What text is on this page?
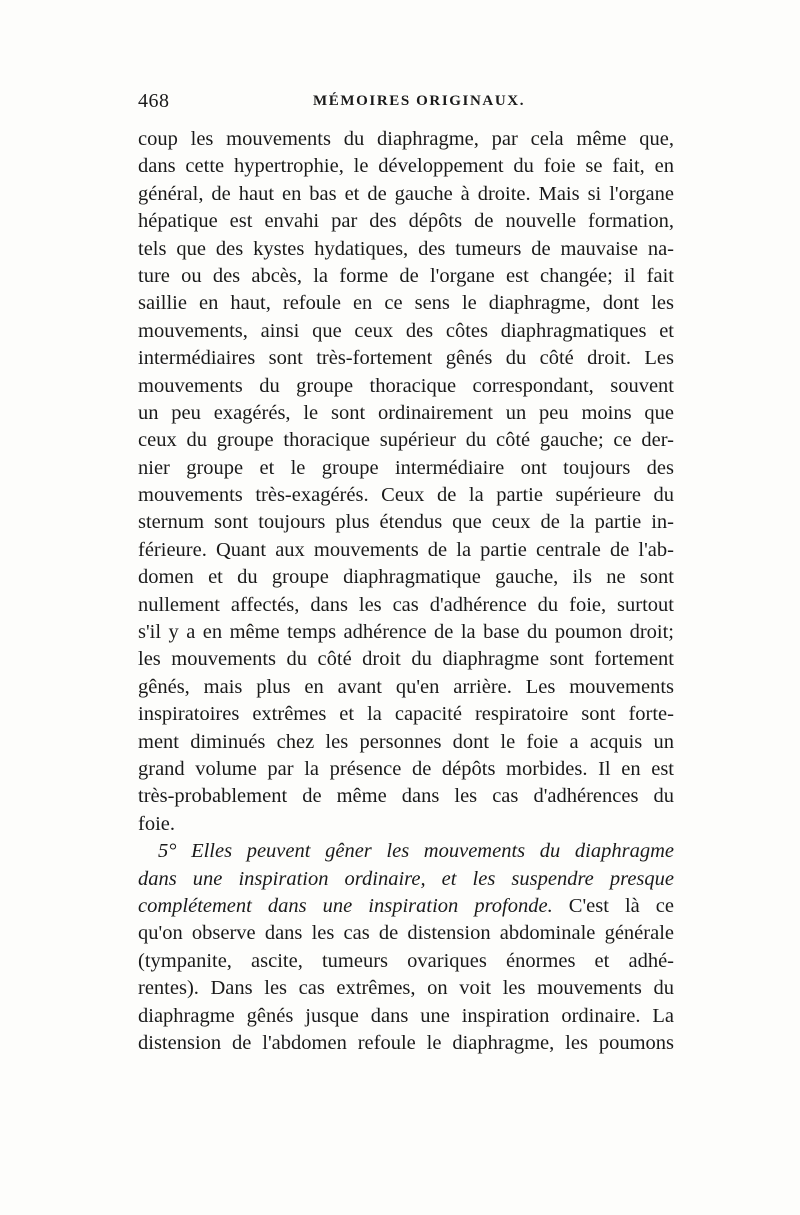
468	MÉMOIRES ORIGINAUX.
coup les mouvements du diaphragme, par cela même que,
dans cette hypertrophie, le développement du foie se fait, en
général, de haut en bas et de gauche à droite. Mais si l'organe
hépatique est envahi par des dépôts de nouvelle formation,
tels que des kystes hydatiques, des tumeurs de mauvaise na-
ture ou des abcès, la forme de l'organe est changée; il fait
saillie en haut, refoule en ce sens le diaphragme, dont les
mouvements, ainsi que ceux des côtes diaphragmatiques et
intermédiaires sont très-fortement gênés du côté droit. Les
mouvements du groupe thoracique correspondant, souvent
un peu exagérés, le sont ordinairement un peu moins que
ceux du groupe thoracique supérieur du côté gauche; ce der-
nier groupe et le groupe intermédiaire ont toujours des
mouvements très-exagérés. Ceux de la partie supérieure du
sternum sont toujours plus étendus que ceux de la partie in-
férieure. Quant aux mouvements de la partie centrale de l'ab-
domen et du groupe diaphragmatique gauche, ils ne sont
nullement affectés, dans les cas d'adhérence du foie, surtout
s'il y a en même temps adhérence de la base du poumon droit;
les mouvements du côté droit du diaphragme sont fortement
gênés, mais plus en avant qu'en arrière. Les mouvements
inspiratoires extrêmes et la capacité respiratoire sont forte-
ment diminués chez les personnes dont le foie a acquis un
grand volume par la présence de dépôts morbides. Il en est
très-probablement de même dans les cas d'adhérences du
foie.
5° Elles peuvent gêner les mouvements du diaphragme
dans une inspiration ordinaire, et les suspendre presque
complétement dans une inspiration profonde. C'est là ce
qu'on observe dans les cas de distension abdominale générale
(tympanite, ascite, tumeurs ovariques énormes et adhé-
rentes). Dans les cas extrêmes, on voit les mouvements du
diaphragme gênés jusque dans une inspiration ordinaire. La
distension de l'abdomen refoule le diaphragme, les poumons
